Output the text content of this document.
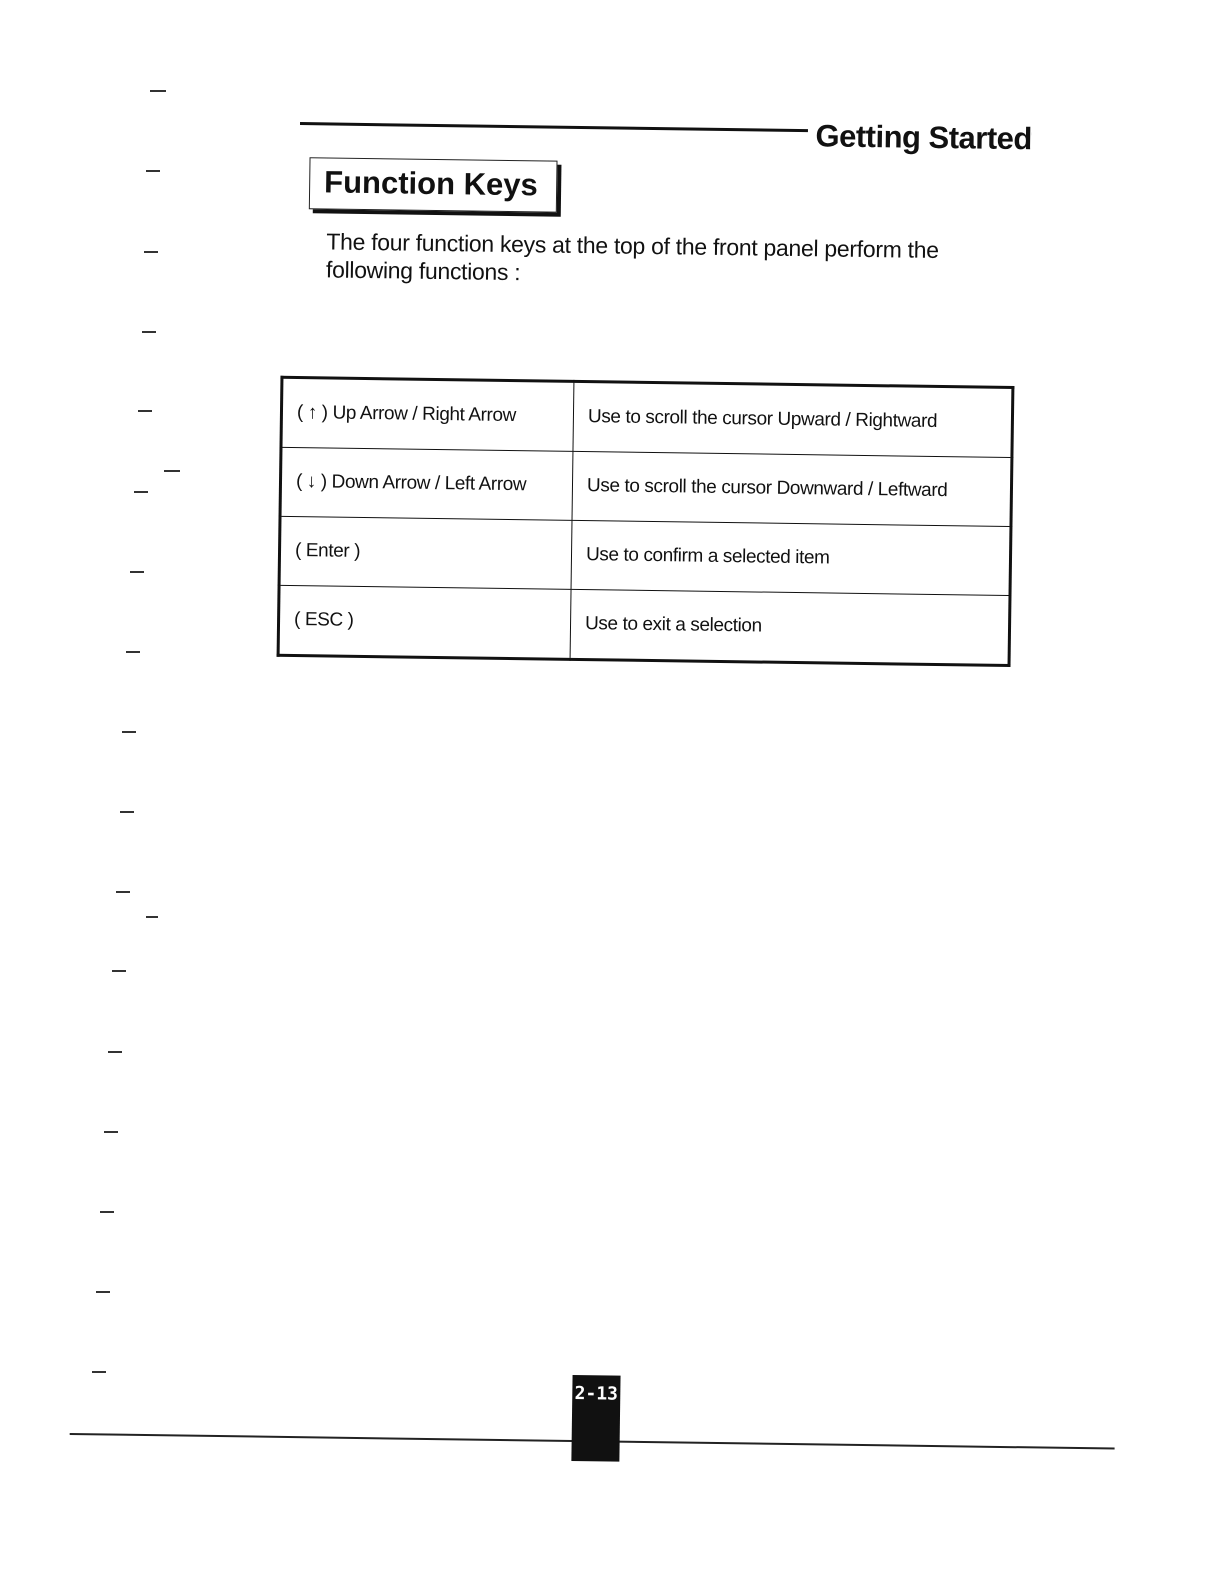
Getting Started
Function Keys
The four function keys at the top of the front panel perform the following functions :
( ↑ ) Up Arrow / Right Arrow	Use to scroll the cursor Upward / Rightward
( ↓ ) Down Arrow / Left Arrow	Use to scroll the cursor Downward / Leftward
( Enter )	Use to confirm a selected item
( ESC )	Use to exit a selection
2-13
